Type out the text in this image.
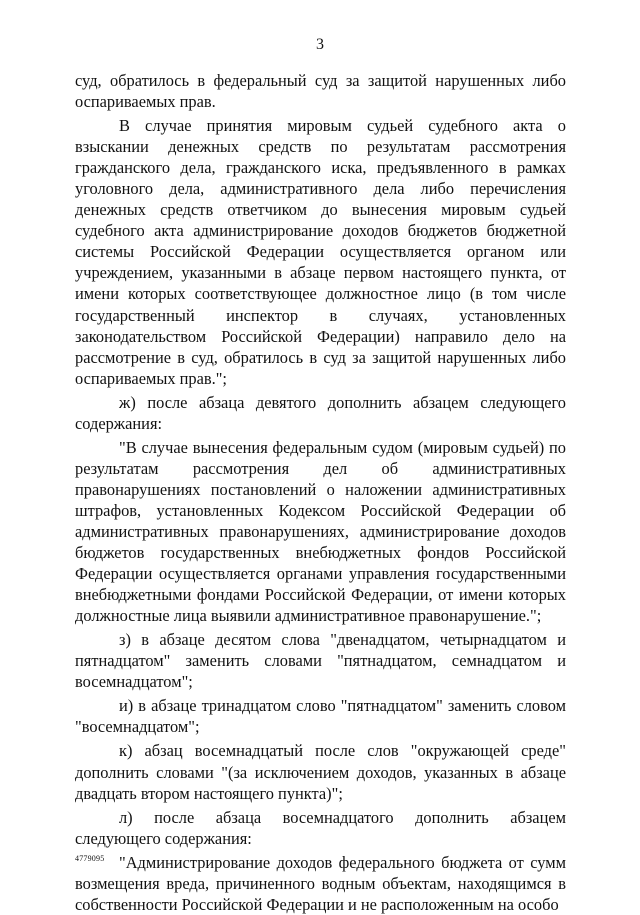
3

суд, обратилось в федеральный суд за защитой нарушенных либо оспариваемых прав.

В случае принятия мировым судьей судебного акта о взыскании денежных средств по результатам рассмотрения гражданского дела, гражданского иска, предъявленного в рамках уголовного дела, административного дела либо перечисления денежных средств ответчиком до вынесения мировым судьей судебного акта администрирование доходов бюджетов бюджетной системы Российской Федерации осуществляется органом или учреждением, указанными в абзаце первом настоящего пункта, от имени которых соответствующее должностное лицо (в том числе государственный инспектор в случаях, установленных законодательством Российской Федерации) направило дело на рассмотрение в суд, обратилось в суд за защитой нарушенных либо оспариваемых прав.";

ж) после абзаца девятого дополнить абзацем следующего содержания:

"В случае вынесения федеральным судом (мировым судьей) по результатам рассмотрения дел об административных правонарушениях постановлений о наложении административных штрафов, установленных Кодексом Российской Федерации об административных правонарушениях, администрирование доходов бюджетов государственных внебюджетных фондов Российской Федерации осуществляется органами управления государственными внебюджетными фондами Российской Федерации, от имени которых должностные лица выявили административное правонарушение.";

з) в абзаце десятом слова "двенадцатом, четырнадцатом и пятнадцатом" заменить словами "пятнадцатом, семнадцатом и восемнадцатом";

и) в абзаце тринадцатом слово "пятнадцатом" заменить словом "восемнадцатом";

к) абзац восемнадцатый после слов "окружающей среде" дополнить словами "(за исключением доходов, указанных в абзаце двадцать втором настоящего пункта)";

л) после абзаца восемнадцатого дополнить абзацем следующего содержания:

"Администрирование доходов федерального бюджета от сумм возмещения вреда, причиненного водным объектам, находящимся в собственности Российской Федерации и не расположенным на особо

4779095
